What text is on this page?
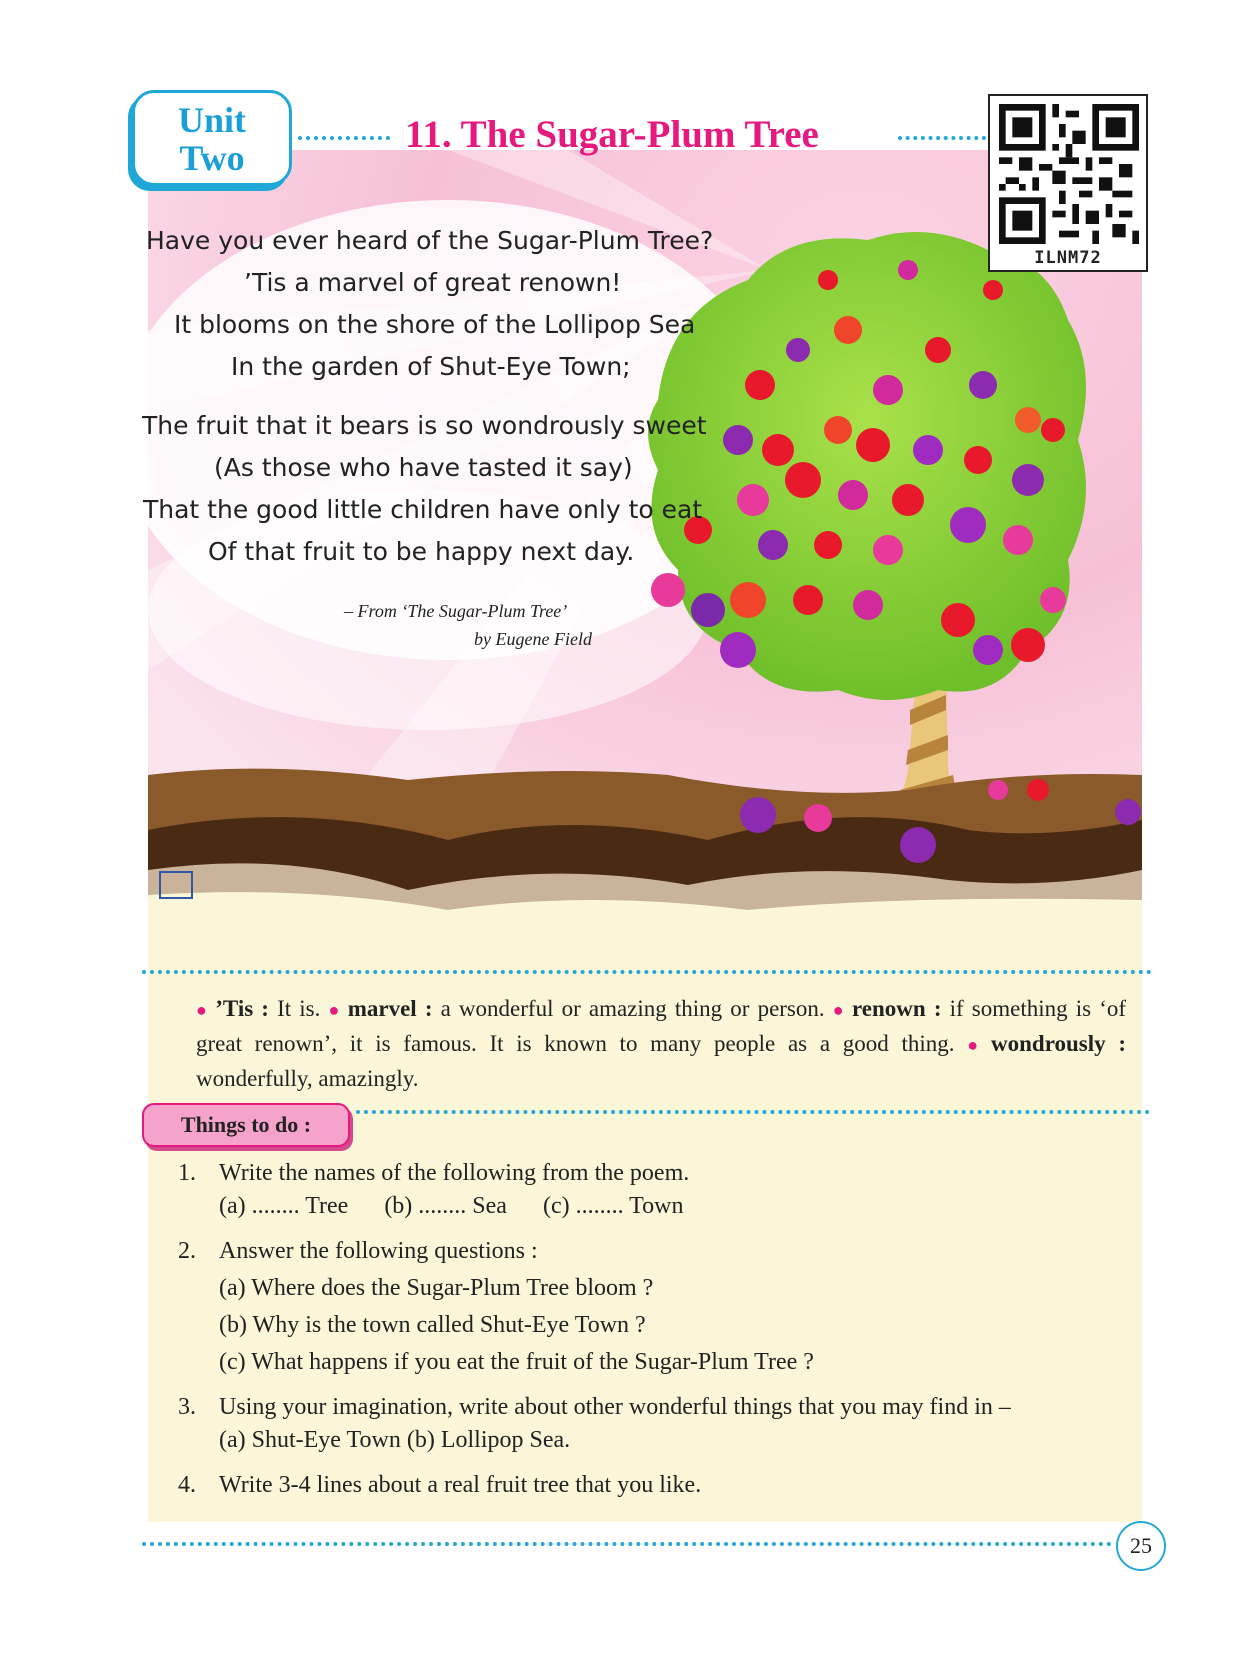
Unit
Two
11. The Sugar-Plum Tree
ILNM72
Have you ever heard of the Sugar-Plum Tree?
’Tis a marvel of great renown!
It blooms on the shore of the Lollipop Sea
In the garden of Shut-Eye Town;
The fruit that it bears is so wondrously sweet
(As those who have tasted it say)
That the good little children have only to eat
Of that fruit to be happy next day.
– From ‘The Sugar-Plum Tree’
by Eugene Field
● ’Tis : It is. ● marvel : a wonderful or amazing thing or person. ● renown : if something is ‘of great renown’, it is famous. It is known to many people as a good thing. ● wondrously : wonderfully, amazingly.
Things to do :
1. Write the names of the following from the poem.
(a) ........ Tree      (b) ........ Sea      (c) ........ Town
2. Answer the following questions :
(a) Where does the Sugar-Plum Tree bloom ?
(b) Why is the town called Shut-Eye Town ?
(c) What happens if you eat the fruit of the Sugar-Plum Tree ?
3. Using your imagination, write about other wonderful things that you may find in –
(a) Shut-Eye Town (b) Lollipop Sea.
4. Write 3-4 lines about a real fruit tree that you like.
25
